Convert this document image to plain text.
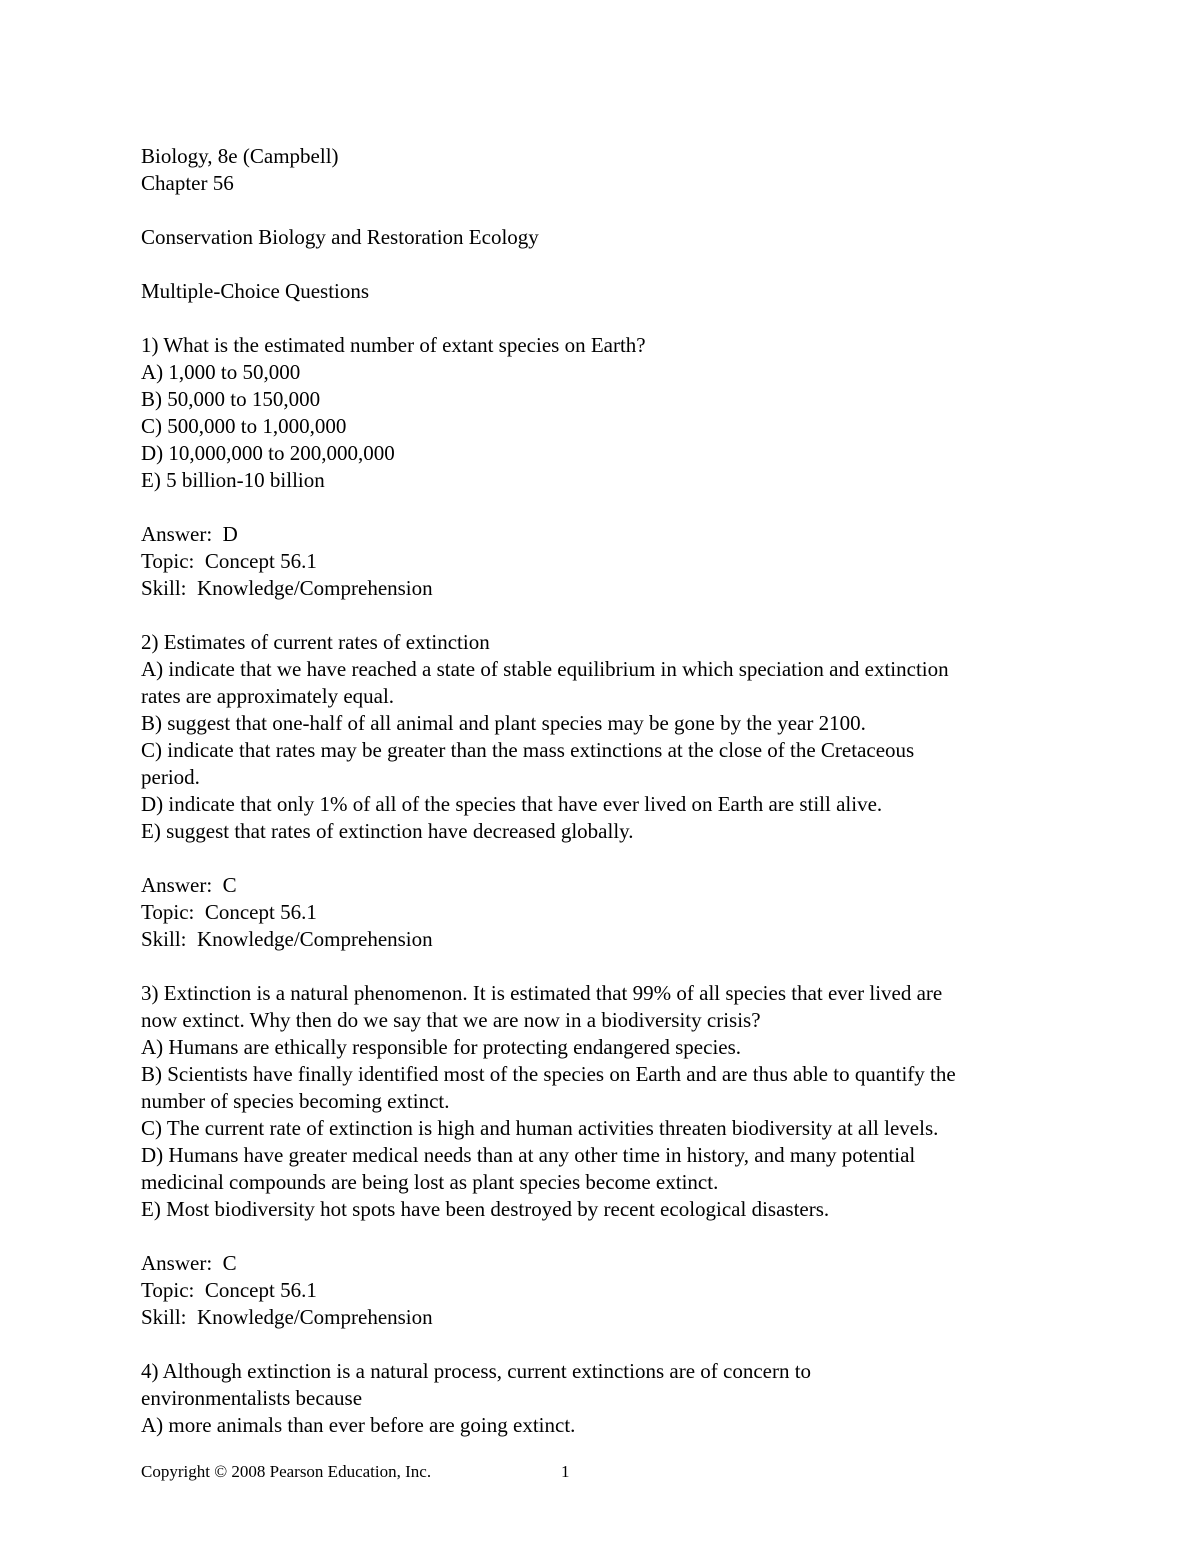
Biology, 8e (Campbell)
Chapter 56
Conservation Biology and Restoration Ecology
Multiple-Choice Questions
1) What is the estimated number of extant species on Earth?
A) 1,000 to 50,000
B) 50,000 to 150,000
C) 500,000 to 1,000,000
D) 10,000,000 to 200,000,000
E) 5 billion-10 billion
Answer:  D
Topic:  Concept 56.1
Skill:  Knowledge/Comprehension
2) Estimates of current rates of extinction
A) indicate that we have reached a state of stable equilibrium in which speciation and extinction
rates are approximately equal.
B) suggest that one-half of all animal and plant species may be gone by the year 2100.
C) indicate that rates may be greater than the mass extinctions at the close of the Cretaceous
period.
D) indicate that only 1% of all of the species that have ever lived on Earth are still alive.
E) suggest that rates of extinction have decreased globally.
Answer:  C
Topic:  Concept 56.1
Skill:  Knowledge/Comprehension
3) Extinction is a natural phenomenon. It is estimated that 99% of all species that ever lived are
now extinct. Why then do we say that we are now in a biodiversity crisis?
A) Humans are ethically responsible for protecting endangered species.
B) Scientists have finally identified most of the species on Earth and are thus able to quantify the
number of species becoming extinct.
C) The current rate of extinction is high and human activities threaten biodiversity at all levels.
D) Humans have greater medical needs than at any other time in history, and many potential
medicinal compounds are being lost as plant species become extinct.
E) Most biodiversity hot spots have been destroyed by recent ecological disasters.
Answer:  C
Topic:  Concept 56.1
Skill:  Knowledge/Comprehension
4) Although extinction is a natural process, current extinctions are of concern to
environmentalists because
A) more animals than ever before are going extinct.
Copyright © 2008 Pearson Education, Inc.	1
